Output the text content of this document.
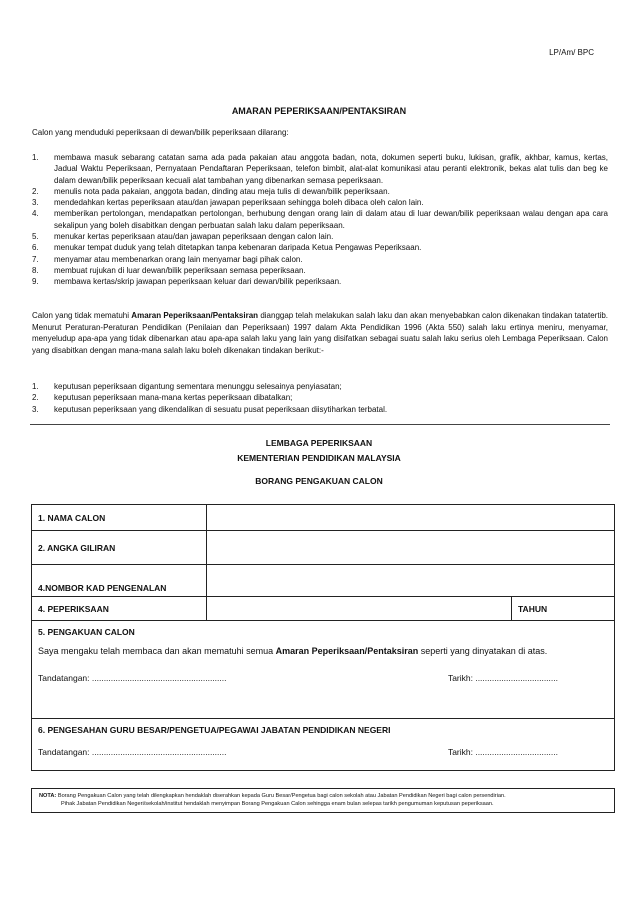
LP/Am/ BPC
AMARAN PEPERIKSAAN/PENTAKSIRAN
Calon yang menduduki peperiksaan di dewan/bilik peperiksaan dilarang:
1. membawa masuk sebarang catatan sama ada pada pakaian atau anggota badan, nota, dokumen seperti buku, lukisan, grafik, akhbar, kamus, kertas, Jadual Waktu Peperiksaan, Pernyataan Pendaftaran Peperiksaan, telefon bimbit, alat-alat komunikasi atau peranti elektronik, bekas alat tulis dan beg ke dalam dewan/bilik peperiksaan kecuali alat tambahan yang dibenarkan semasa peperiksaan.
2. menulis nota pada pakaian, anggota badan, dinding atau meja tulis di dewan/bilik peperiksaan.
3. mendedahkan kertas peperiksaan atau/dan jawapan peperiksaan sehingga boleh dibaca oleh calon lain.
4. memberikan pertolongan, mendapatkan pertolongan, berhubung dengan orang lain di dalam atau di luar dewan/bilik peperiksaan walau dengan apa cara sekalipun yang boleh disabitkan dengan perbuatan salah laku dalam peperiksaan.
5. menukar kertas peperiksaan atau/dan jawapan peperiksaan dengan calon lain.
6. menukar tempat duduk yang telah ditetapkan tanpa kebenaran daripada Ketua Pengawas Peperiksaan.
7. menyamar atau membenarkan orang lain menyamar bagi pihak calon.
8. membuat rujukan di luar dewan/bilik peperiksaan semasa peperiksaan.
9. membawa kertas/skrip jawapan peperiksaan keluar dari dewan/bilik peperiksaan.
Calon yang tidak mematuhi Amaran Peperiksaan/Pentaksiran dianggap telah melakukan salah laku dan akan menyebabkan calon dikenakan tindakan tatatertib. Menurut Peraturan-Peraturan Pendidikan (Penilaian dan Peperiksaan) 1997 dalam Akta Pendidikan 1996 (Akta 550) salah laku ertinya meniru, menyamar, menyeludup apa-apa yang tidak dibenarkan atau apa-apa salah laku yang lain yang disifatkan sebagai suatu salah laku serius oleh Lembaga Peperiksaan. Calon yang disabitkan dengan mana-mana salah laku boleh dikenakan tindakan berikut:-
1. keputusan peperiksaan digantung sementara menunggu selesainya penyiasatan;
2. keputusan peperiksaan mana-mana kertas peperiksaan dibatalkan;
3. keputusan peperiksaan yang dikendalikan di sesuatu pusat peperiksaan diisytiharkan terbatal.
LEMBAGA PEPERIKSAAN
KEMENTERIAN PENDIDIKAN MALAYSIA
BORANG PENGAKUAN CALON
1. NAMA CALON		
2. ANGKA GILIRAN		
4.NOMBOR KAD PENGENALAN		
4. PEPERIKSAAN		TAHUN

5. PENGAKUAN CALON
Saya mengaku telah membaca dan akan mematuhi semua Amaran Peperiksaan/Pentaksiran seperti yang dinyatakan di atas.
Tandatangan: ......................................................... Tarikh: ...................................		

6. PENGESAHAN GURU BESAR/PENGETUA/PEGAWAI JABATAN PENDIDIKAN NEGERI
Tandatangan: ......................................................... Tarikh: ...................................		
NOTA: Borang Pengakuan Calon yang telah dilengkapkan hendaklah diserahkan kepada Guru Besar/Pengetua bagi calon sekolah atau Jabatan Pendidikan Negeri bagi calon persendirian.
Pihak Jabatan Pendidikan Negeri/sekolah/institut hendaklah menyimpan Borang Pengakuan Calon sehingga enam bulan selepas tarikh pengumuman keputusan peperiksaan.
